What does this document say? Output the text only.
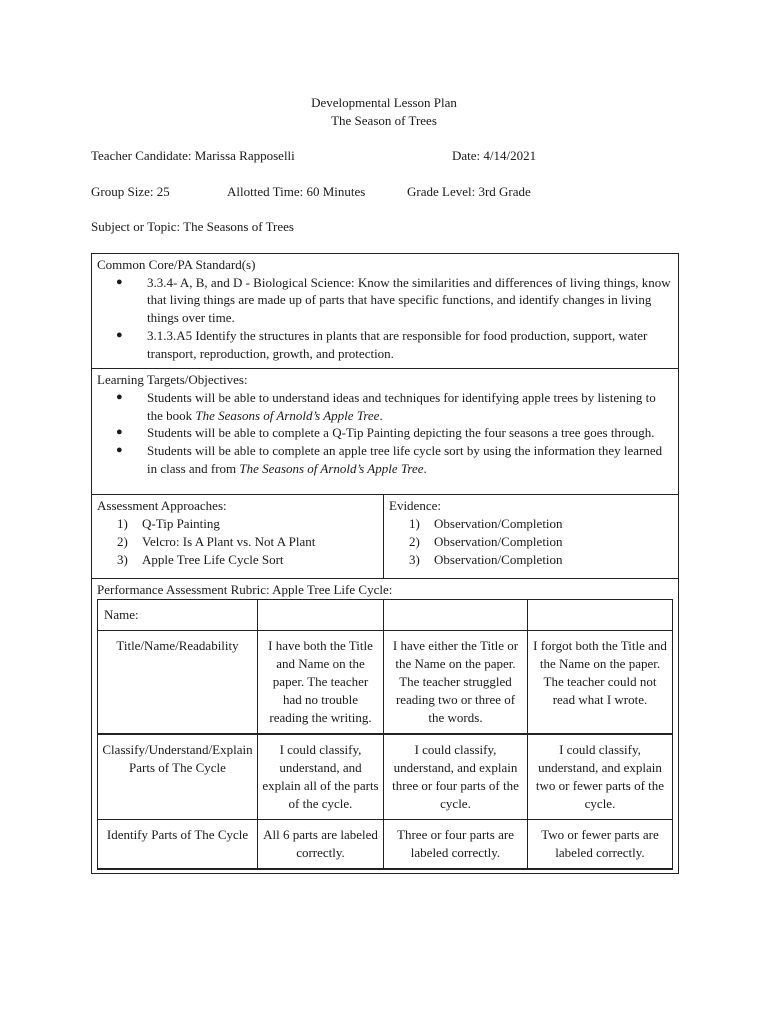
Developmental Lesson Plan
The Season of Trees
Teacher Candidate: Marissa Rapposelli	Date: 4/14/2021
Group Size: 25	Allotted Time: 60 Minutes	Grade Level: 3rd Grade
Subject or Topic: The Seasons of Trees
Common Core/PA Standard(s)
● 3.3.4- A, B, and D - Biological Science: Know the similarities and differences of living things, know that living things are made up of parts that have specific functions, and identify changes in living things over time.
● 3.1.3.A5 Identify the structures in plants that are responsible for food production, support, water transport, reproduction, growth, and protection.

Learning Targets/Objectives:
● Students will be able to understand ideas and techniques for identifying apple trees by listening to the book The Seasons of Arnold’s Apple Tree.
● Students will be able to complete a Q-Tip Painting depicting the four seasons a tree goes through.
● Students will be able to complete an apple tree life cycle sort by using the information they learned in class and from The Seasons of Arnold’s Apple Tree.

Assessment Approaches:
1) Q-Tip Painting
2) Velcro: Is A Plant vs. Not A Plant
3) Apple Tree Life Cycle Sort

Evidence:
1) Observation/Completion
2) Observation/Completion
3) Observation/Completion

Performance Assessment Rubric: Apple Tree Life Cycle:
Name:			
Title/Name/Readability	I have both the Title and Name on the paper. The teacher had no trouble reading the writing.	I have either the Title or the Name on the paper. The teacher struggled reading two or three of the words.	I forgot both the Title and the Name on the paper. The teacher could not read what I wrote.
Classify/Understand/Explain Parts of The Cycle	I could classify, understand, and explain all of the parts of the cycle.	I could classify, understand, and explain three or four parts of the cycle.	I could classify, understand, and explain two or fewer parts of the cycle.
Identify Parts of The Cycle	All 6 parts are labeled correctly.	Three or four parts are labeled correctly.	Two or fewer parts are labeled correctly.
